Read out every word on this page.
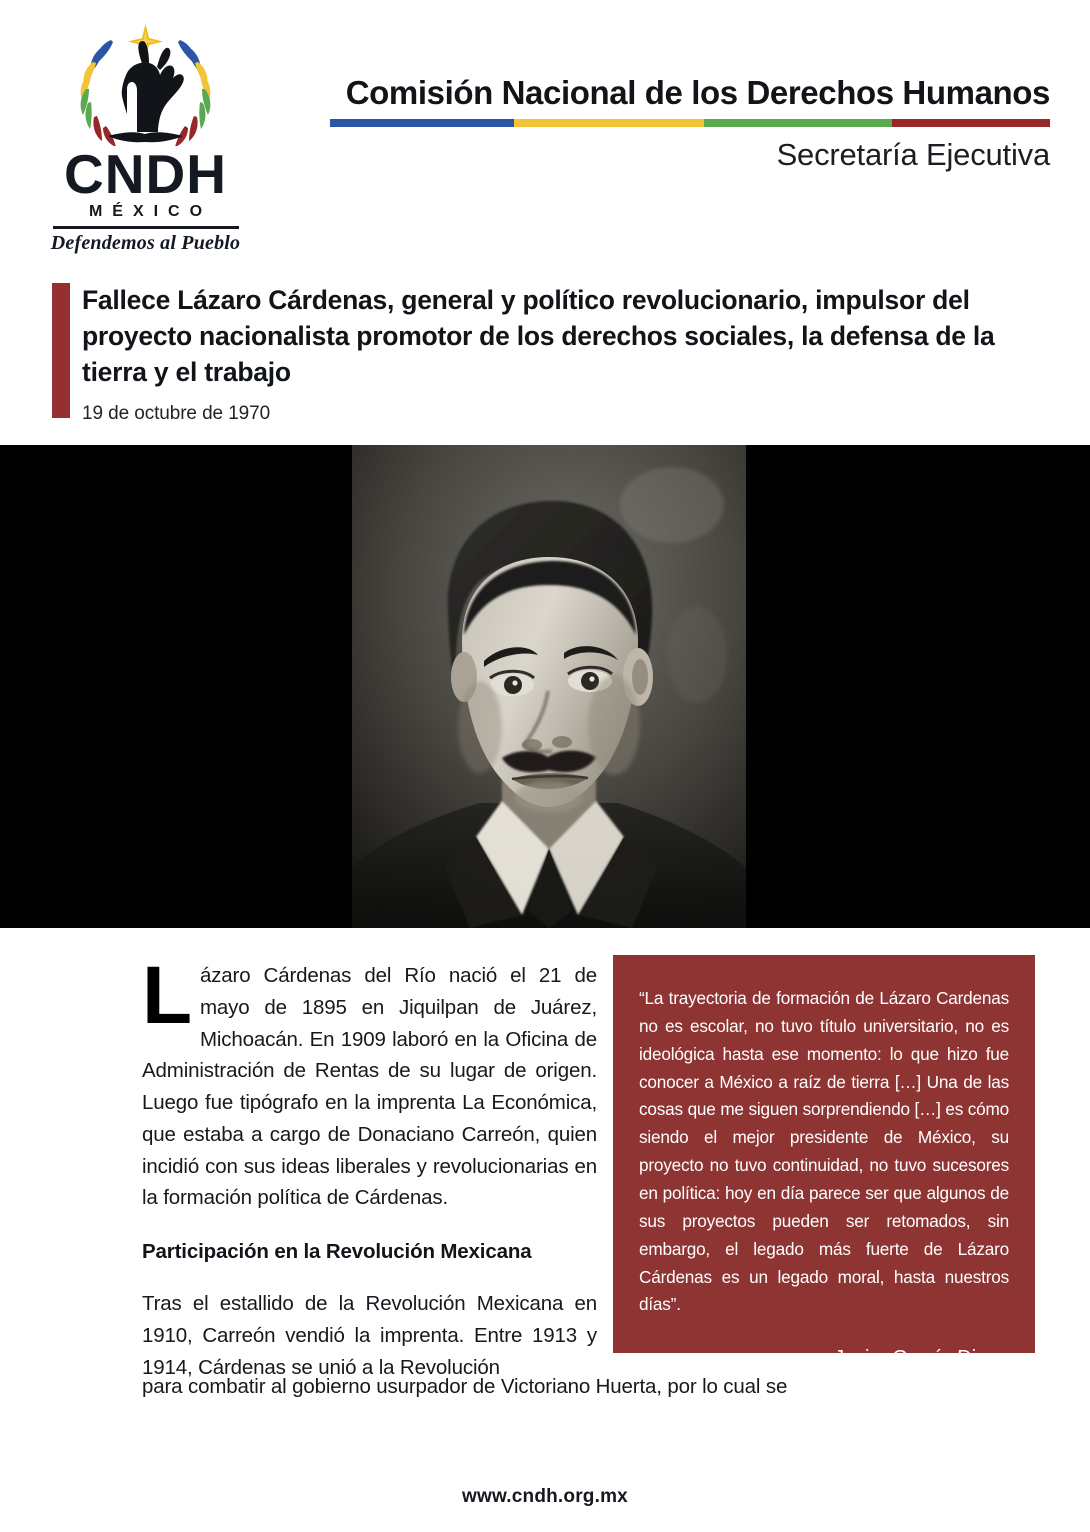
CNDH
MÉXICO
Defendemos al Pueblo
Comisión Nacional de los Derechos Humanos
Secretaría Ejecutiva
Fallece Lázaro Cárdenas, general y político revolucionario, impulsor del proyecto nacionalista promotor de los derechos sociales, la defensa de la tierra y el trabajo
19 de octubre de 1970
Lázaro Cárdenas del Río nació el 21 de mayo de 1895 en Jiquilpan de Juárez, Michoacán. En 1909 laboró en la Oficina de Administración de Rentas de su lugar de origen. Luego fue tipógrafo en la imprenta La Económica, que estaba a cargo de Donaciano Carreón, quien incidió con sus ideas liberales y revolucionarias en la formación política de Cárdenas.
Participación en la Revolución Mexicana
Tras el estallido de la Revolución Mexicana en 1910, Carreón vendió la imprenta. Entre 1913 y 1914, Cárdenas se unió a la Revolución
“La trayectoria de formación de Lázaro Cardenas no es escolar, no tuvo título universitario, no es ideológica hasta ese momento: lo que hizo fue conocer a México a raíz de tierra […] Una de las cosas que me siguen sorprendiendo […] es cómo siendo el mejor presidente de México, su proyecto no tuvo continuidad, no tuvo sucesores en política: hoy en día parece ser que algunos de sus proyectos pueden ser retomados, sin embargo, el legado más fuerte de Lázaro Cárdenas es un legado moral, hasta nuestros días”.
Javier García Diego
Historiador mexicano
para combatir al gobierno usurpador de Victoriano Huerta, por lo cual se
www.cndh.org.mx
